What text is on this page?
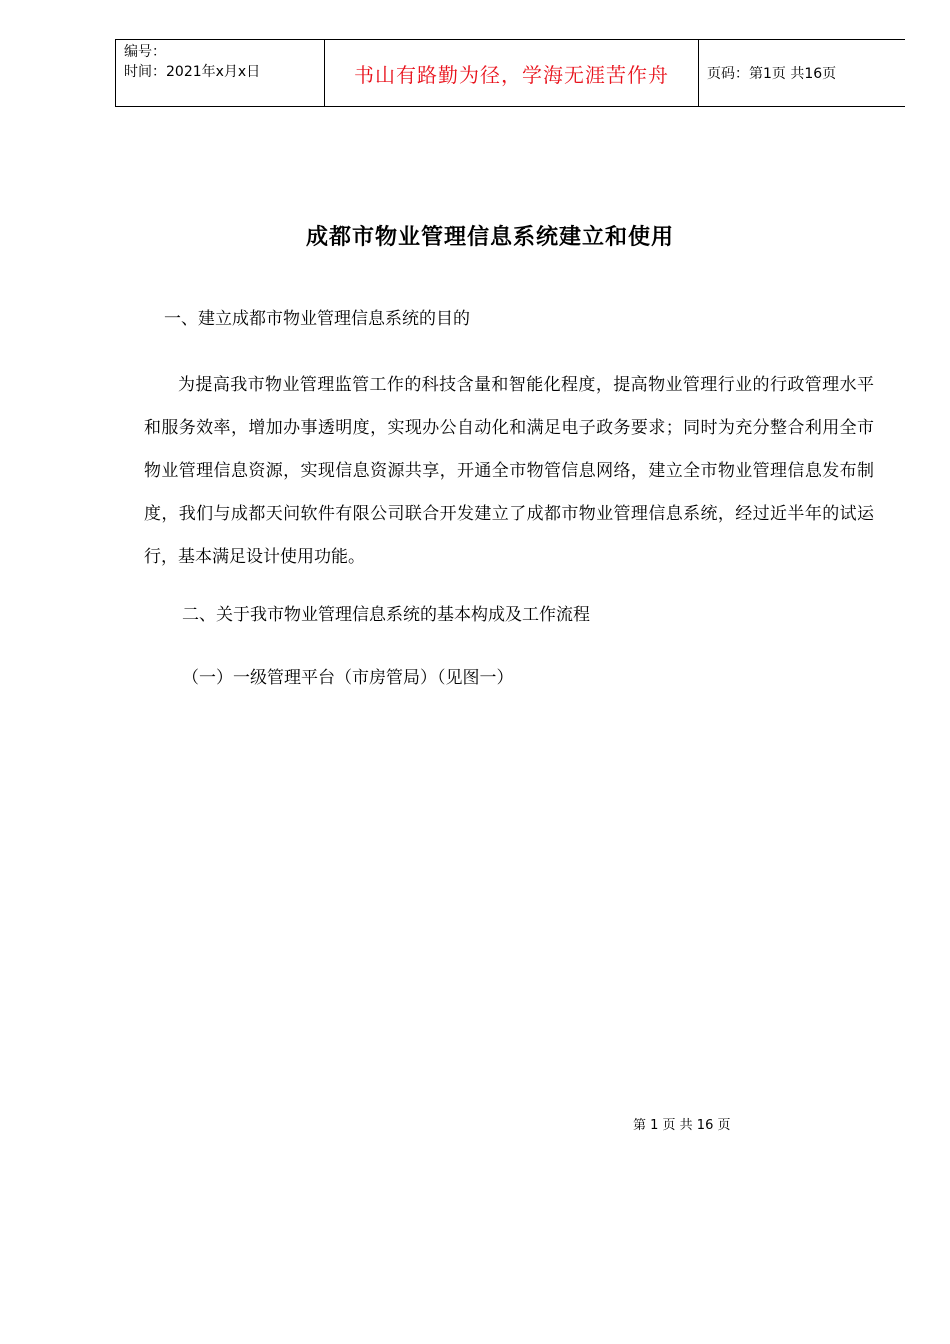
编号：
时间：2021年x月x日	书山有路勤为径，学海无涯苦作舟	页码：第1页 共16页
成都市物业管理信息系统建立和使用
一、建立成都市物业管理信息系统的目的
为提高我市物业管理监管工作的科技含量和智能化程度，提高物业管理行业的行政管理水平和服务效率，增加办事透明度，实现办公自动化和满足电子政务要求；同时为充分整合利用全市物业管理信息资源，实现信息资源共享，开通全市物管信息网络，建立全市物业管理信息发布制度，我们与成都天问软件有限公司联合开发建立了成都市物业管理信息系统，经过近半年的试运行，基本满足设计使用功能。
二、关于我市物业管理信息系统的基本构成及工作流程
（一）一级管理平台（市房管局）（见图一）
第 1 页 共 16 页
